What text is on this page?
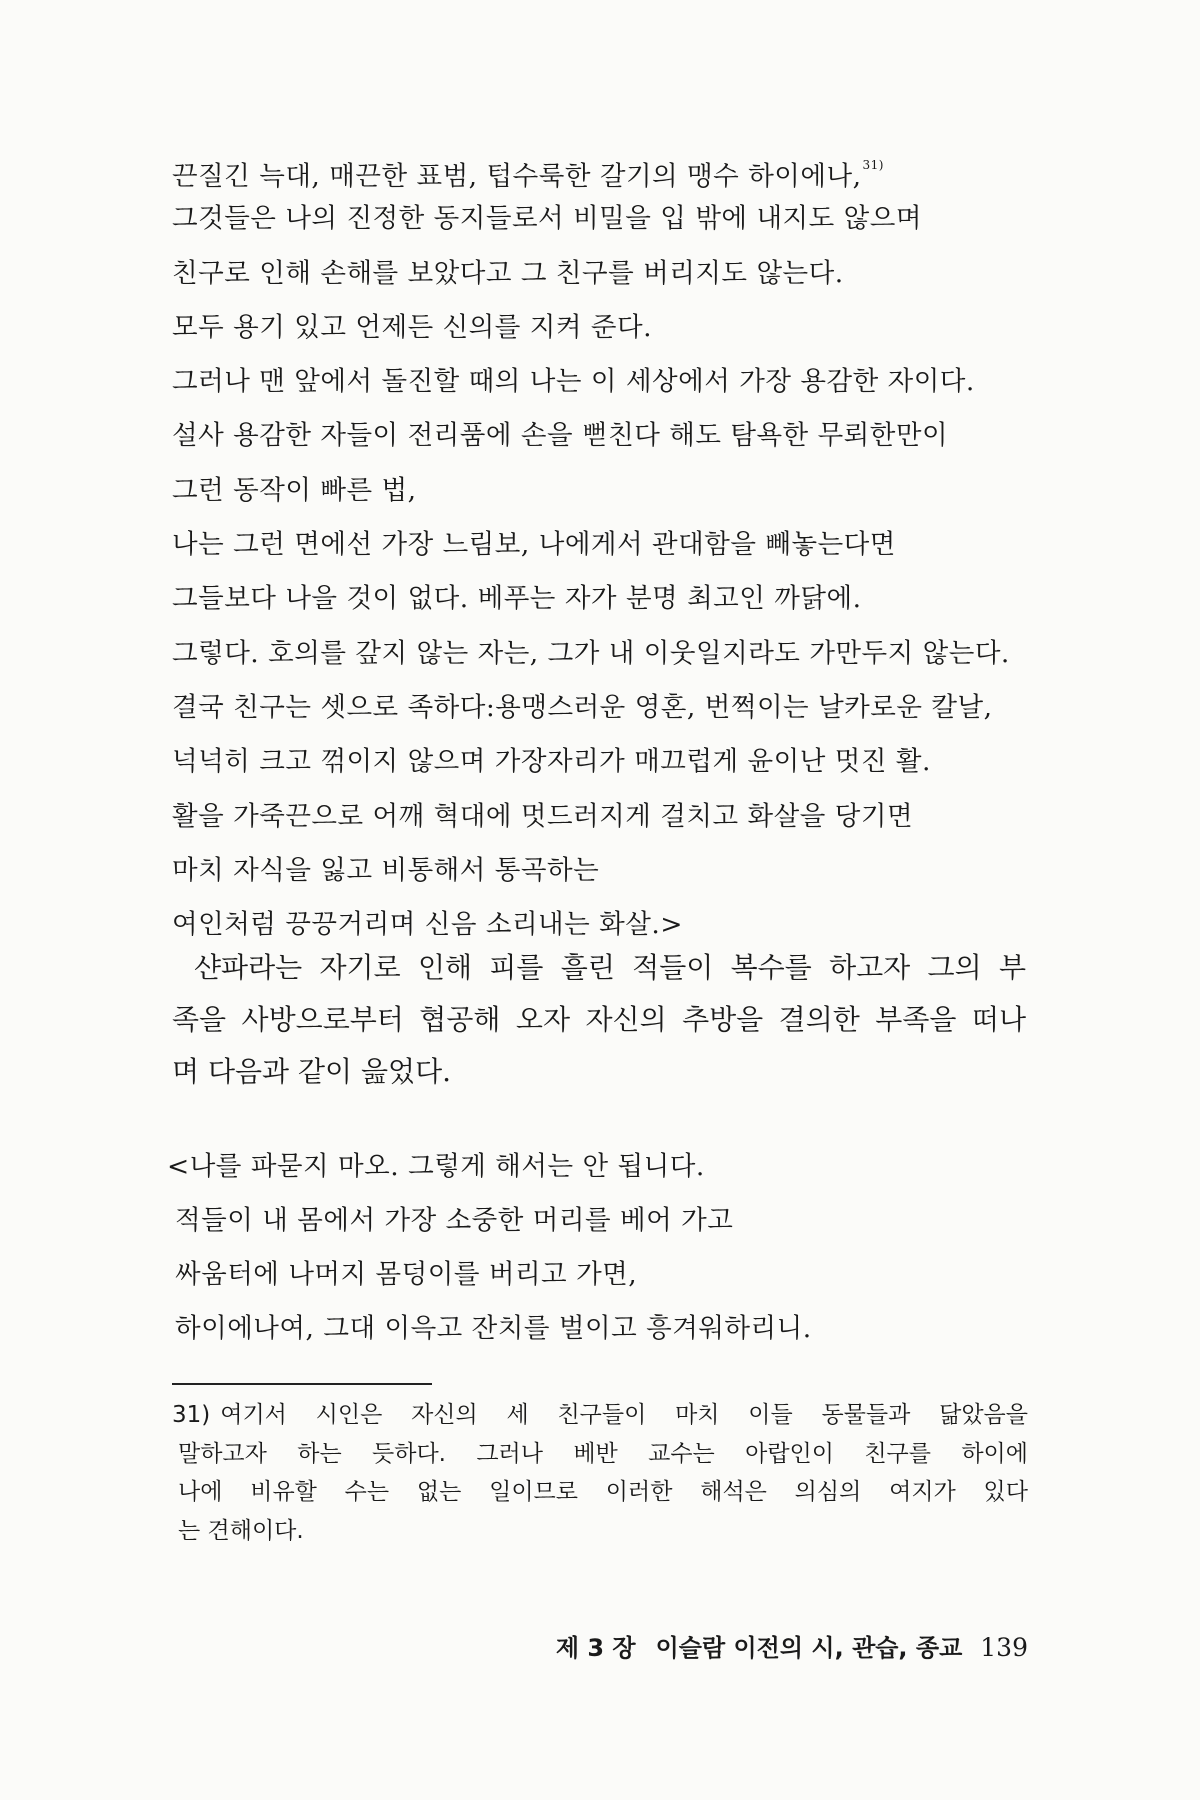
끈질긴 늑대, 매끈한 표범, 텁수룩한 갈기의 맹수 하이에나,$^{31)}$
그것들은 나의 진정한 동지들로서 비밀을 입 밖에 내지도 않으며
친구로 인해 손해를 보았다고 그 친구를 버리지도 않는다.
모두 용기 있고 언제든 신의를 지켜 준다.
그러나 맨 앞에서 돌진할 때의 나는 이 세상에서 가장 용감한 자이다.
설사 용감한 자들이 전리품에 손을 뻗친다 해도 탐욕한 무뢰한만이
그런 동작이 빠른 법,
나는 그런 면에선 가장 느림보, 나에게서 관대함을 빼놓는다면
그들보다 나을 것이 없다. 베푸는 자가 분명 최고인 까닭에.
그렇다. 호의를 갚지 않는 자는, 그가 내 이웃일지라도 가만두지 않는다.
결국 친구는 셋으로 족하다:용맹스러운 영혼, 번쩍이는 날카로운 칼날,
넉넉히 크고 꺾이지 않으며 가장자리가 매끄럽게 윤이난 멋진 활.
활을 가죽끈으로 어깨 혁대에 멋드러지게 걸치고 화살을 당기면
마치 자식을 잃고 비통해서 통곡하는
여인처럼 끙끙거리며 신음 소리내는 화살.>

샨파라는 자기로 인해 피를 흘린 적들이 복수를 하고자 그의 부
족을 사방으로부터 협공해 오자 자신의 추방을 결의한 부족을 떠나
며 다음과 같이 읊었다.

<나를 파묻지 마오. 그렇게 해서는 안 됩니다.
적들이 내 몸에서 가장 소중한 머리를 베어 가고
싸움터에 나머지 몸덩이를 버리고 가면,
하이에나여, 그대 이윽고 잔치를 벌이고 흥겨워하리니.
31) 여기서 시인은 자신의 세 친구들이 마치 이들 동물들과 닮았음을
말하고자 하는 듯하다. 그러나 베반 교수는 아랍인이 친구를 하이에
나에 비유할 수는 없는 일이므로 이러한 해석은 의심의 여지가 있다
는 견해이다.
제 3 장 이슬람 이전의 시, 관습, 종교 139
